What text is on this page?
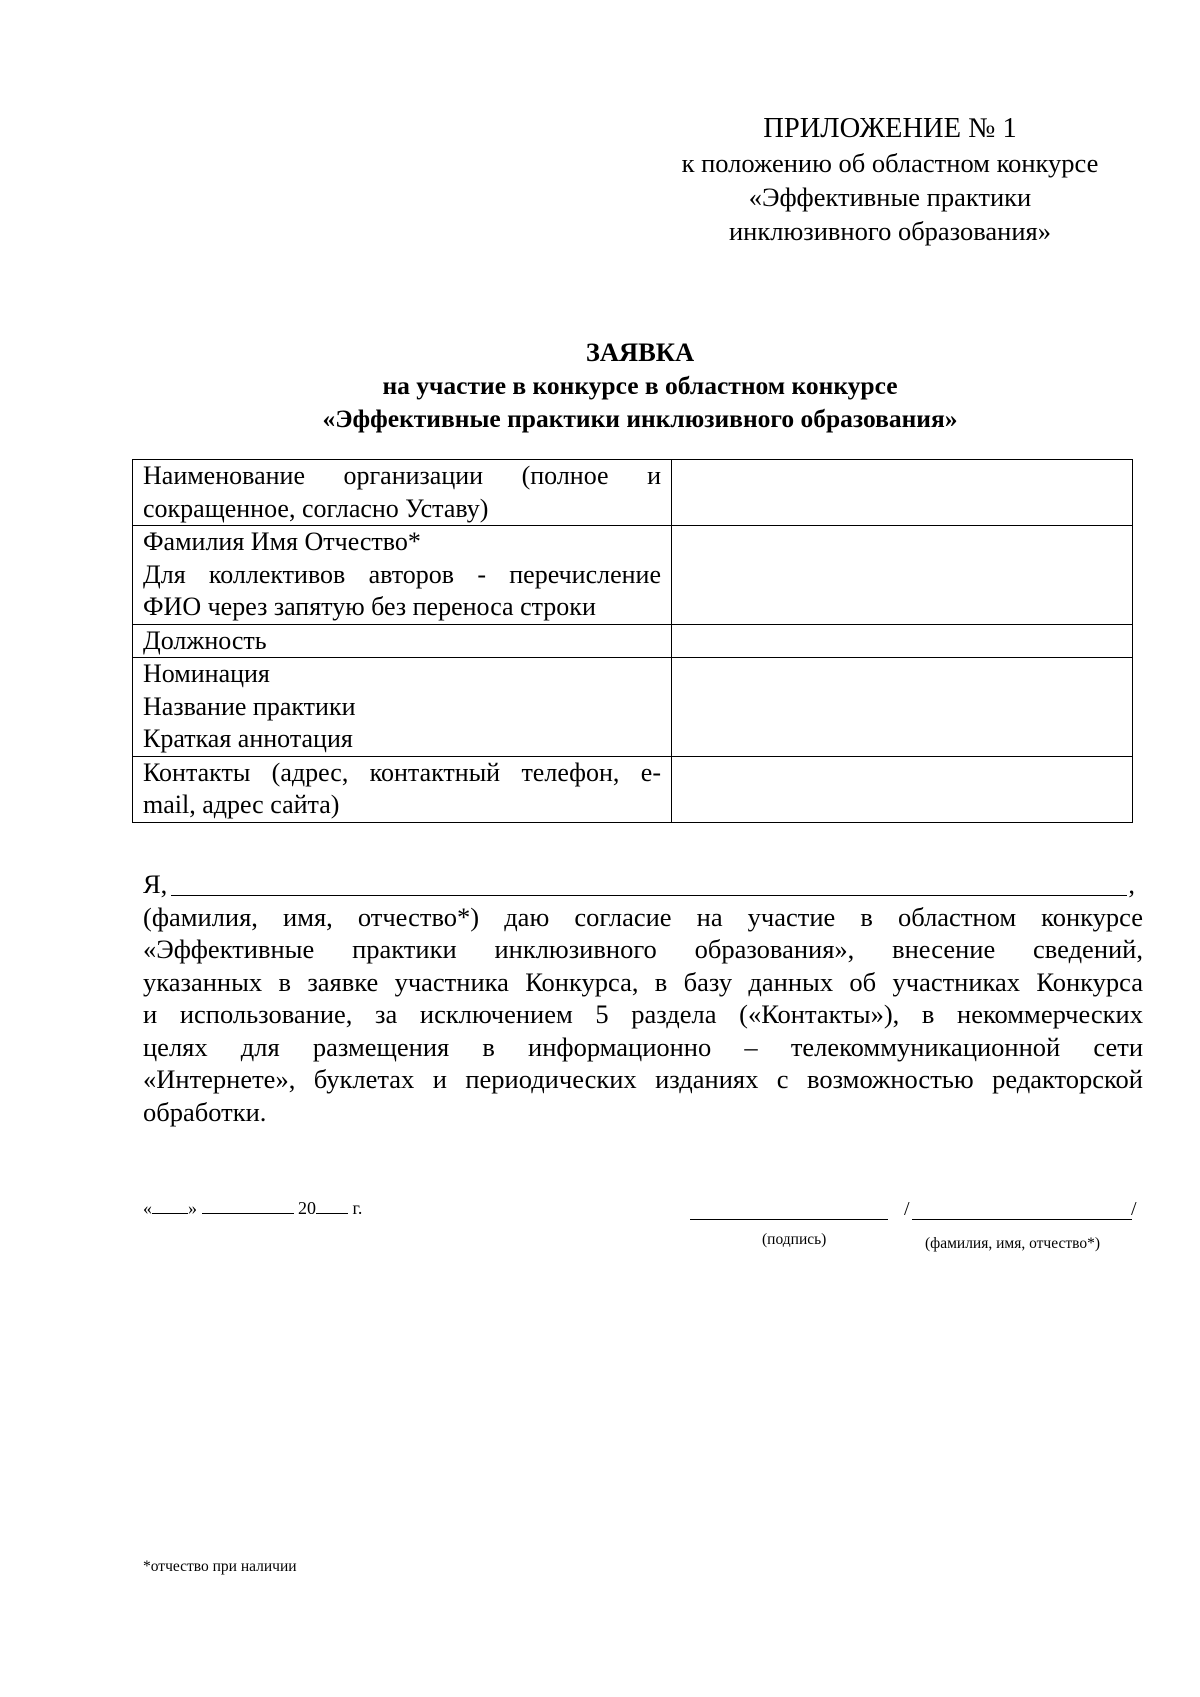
ПРИЛОЖЕНИЕ № 1
к положению об областном конкурсе
«Эффективные практики
инклюзивного образования»
ЗАЯВКА
на участие в конкурсе в областном конкурсе
«Эффективные практики инклюзивного образования»
Наименование организации (полное и
сокращенное, согласно Уставу)	

Фамилия Имя Отчество*
Для коллективов авторов - перечисление
ФИО через запятую без переноса строки	

Должность	

Номинация
Название практики
Краткая аннотация	

Контакты (адрес, контактный телефон, e-
mail, адрес сайта)	

Я,	,
(фамилия, имя, отчество*) даю согласие на участие в областном конкурсе
«Эффективные практики инклюзивного образования», внесение сведений,
указанных в заявке участника Конкурса, в базу данных об участниках Конкурса
и использование, за исключением 5 раздела («Контакты»), в некоммерческих
целях для размещения в информационно – телекоммуникационной сети
«Интернете», буклетах и периодических изданиях с возможностью редакторской
обработки.
« »	20 г.	/	/
(подпись)	(фамилия, имя, отчество*)
*отчество при наличии
